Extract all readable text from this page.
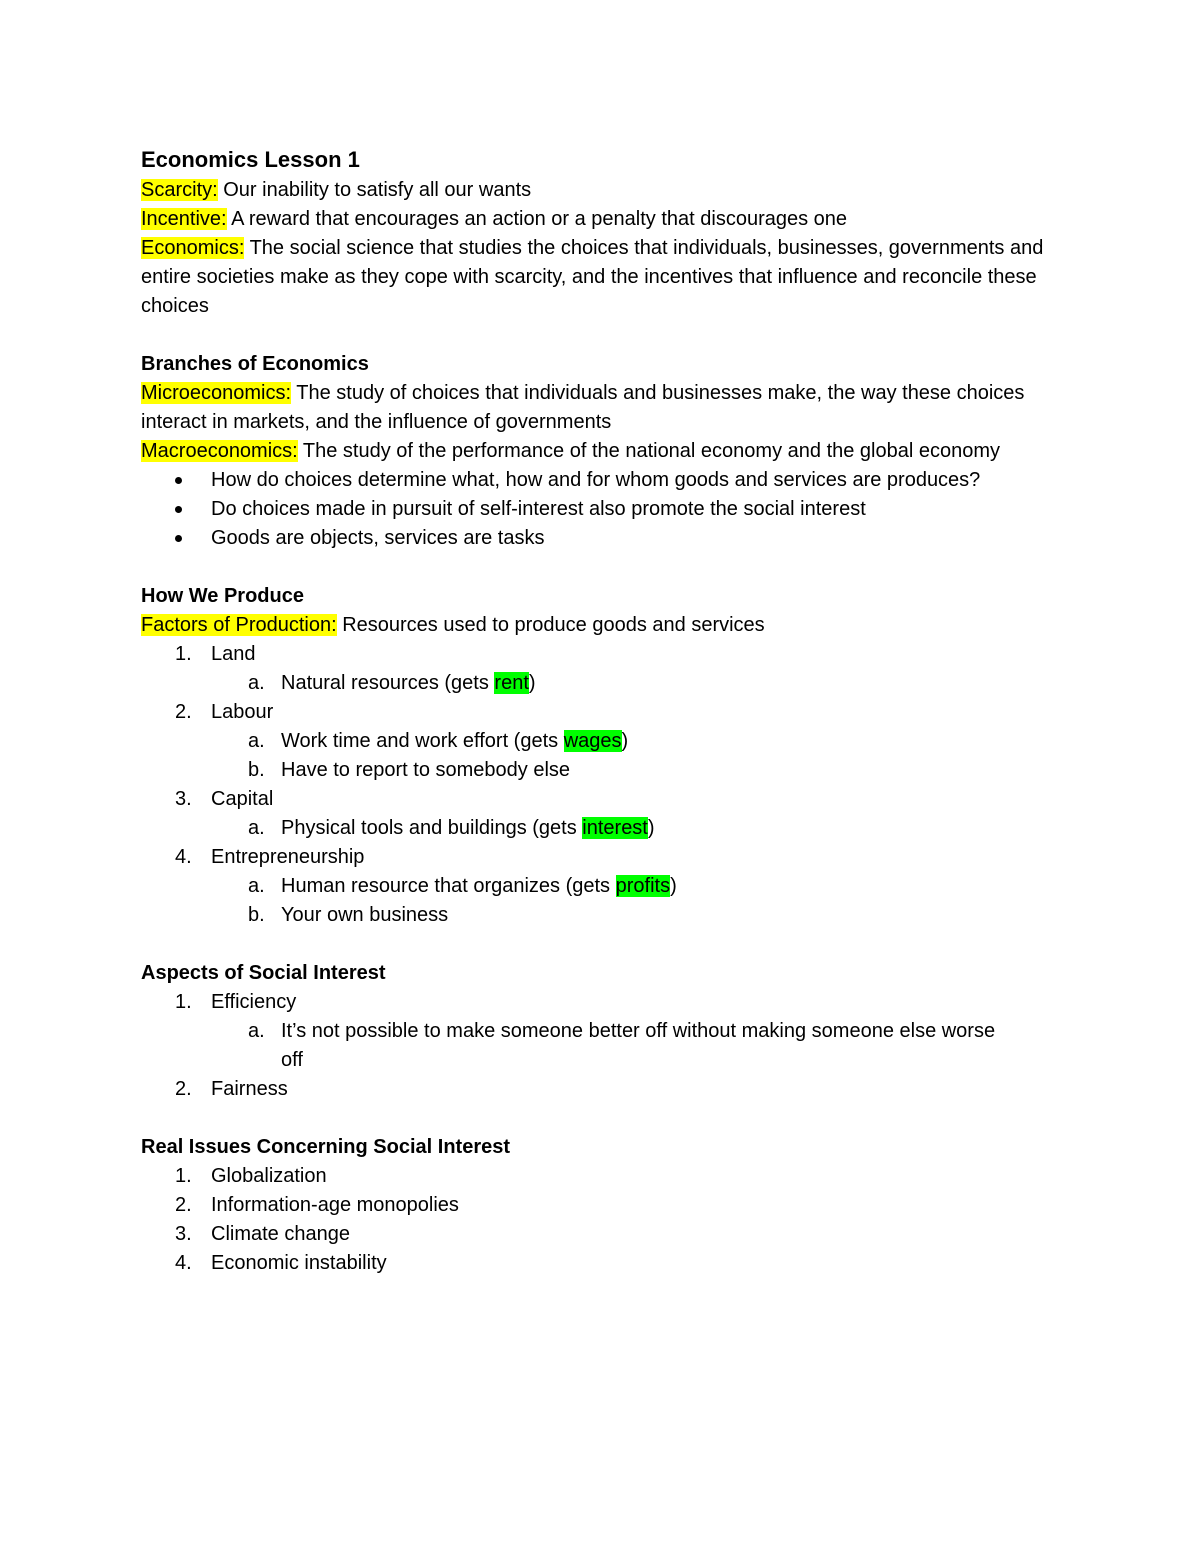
Economics Lesson 1

Scarcity: Our inability to satisfy all our wants

Incentive: A reward that encourages an action or a penalty that discourages one

Economics: The social science that studies the choices that individuals, businesses, governments and entire societies make as they cope with scarcity, and the incentives that influence and reconcile these choices

Branches of Economics

Microeconomics: The study of choices that individuals and businesses make, the way these choices interact in markets, and the influence of governments

Macroeconomics: The study of the performance of the national economy and the global economy

How do choices determine what, how and for whom goods and services are produces?
Do choices made in pursuit of self-interest also promote the social interest
Goods are objects, services are tasks

How We Produce

Factors of Production: Resources used to produce goods and services

1. Land
a. Natural resources (gets rent)
2. Labour
a. Work time and work effort (gets wages)
b. Have to report to somebody else
3. Capital
a. Physical tools and buildings (gets interest)
4. Entrepreneurship
a. Human resource that organizes (gets profits)
b. Your own business

Aspects of Social Interest

1. Efficiency
a. It’s not possible to make someone better off without making someone else worse off
2. Fairness

Real Issues Concerning Social Interest

1. Globalization
2. Information-age monopolies
3. Climate change
4. Economic instability
